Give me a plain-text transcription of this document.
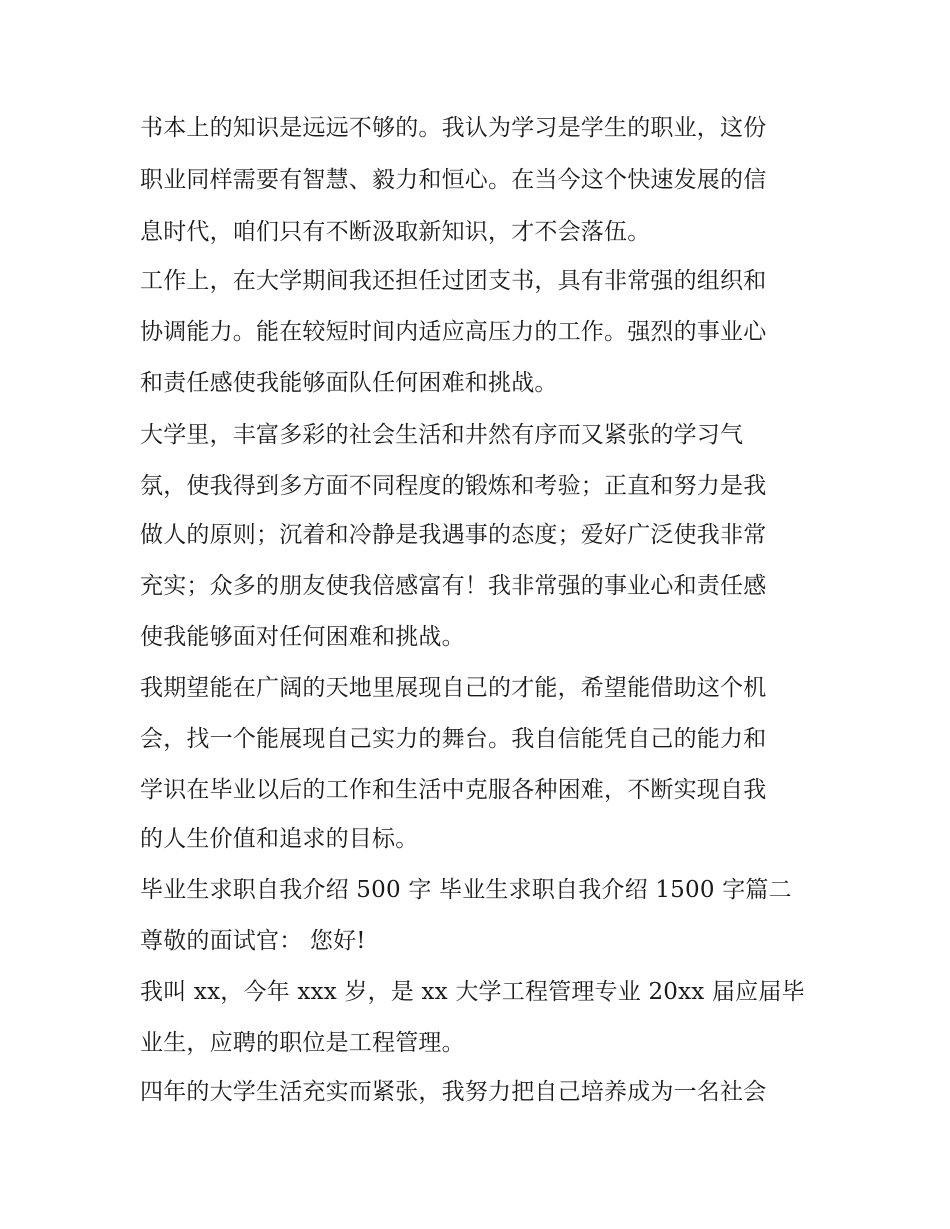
书本上的知识是远远不够的。我认为学习是学生的职业，这份
职业同样需要有智慧、毅力和恒心。在当今这个快速发展的信
息时代，咱们只有不断汲取新知识，才不会落伍。
工作上，在大学期间我还担任过团支书，具有非常强的组织和
协调能力。能在较短时间内适应高压力的工作。强烈的事业心
和责任感使我能够面队任何困难和挑战。
大学里，丰富多彩的社会生活和井然有序而又紧张的学习气
氛，使我得到多方面不同程度的锻炼和考验；正直和努力是我
做人的原则；沉着和冷静是我遇事的态度；爱好广泛使我非常
充实；众多的朋友使我倍感富有！我非常强的事业心和责任感
使我能够面对任何困难和挑战。
我期望能在广阔的天地里展现自己的才能，希望能借助这个机
会，找一个能展现自己实力的舞台。我自信能凭自己的能力和
学识在毕业以后的工作和生活中克服各种困难，不断实现自我
的人生价值和追求的目标。
毕业生求职自我介绍 500 字 毕业生求职自我介绍 1500 字篇二
尊敬的面试官： 您好!
我叫 xx，今年 xxx 岁，是 xx 大学工程管理专业 20xx 届应届毕
业生，应聘的职位是工程管理。
四年的大学生活充实而紧张，我努力把自己培养成为一名社会
